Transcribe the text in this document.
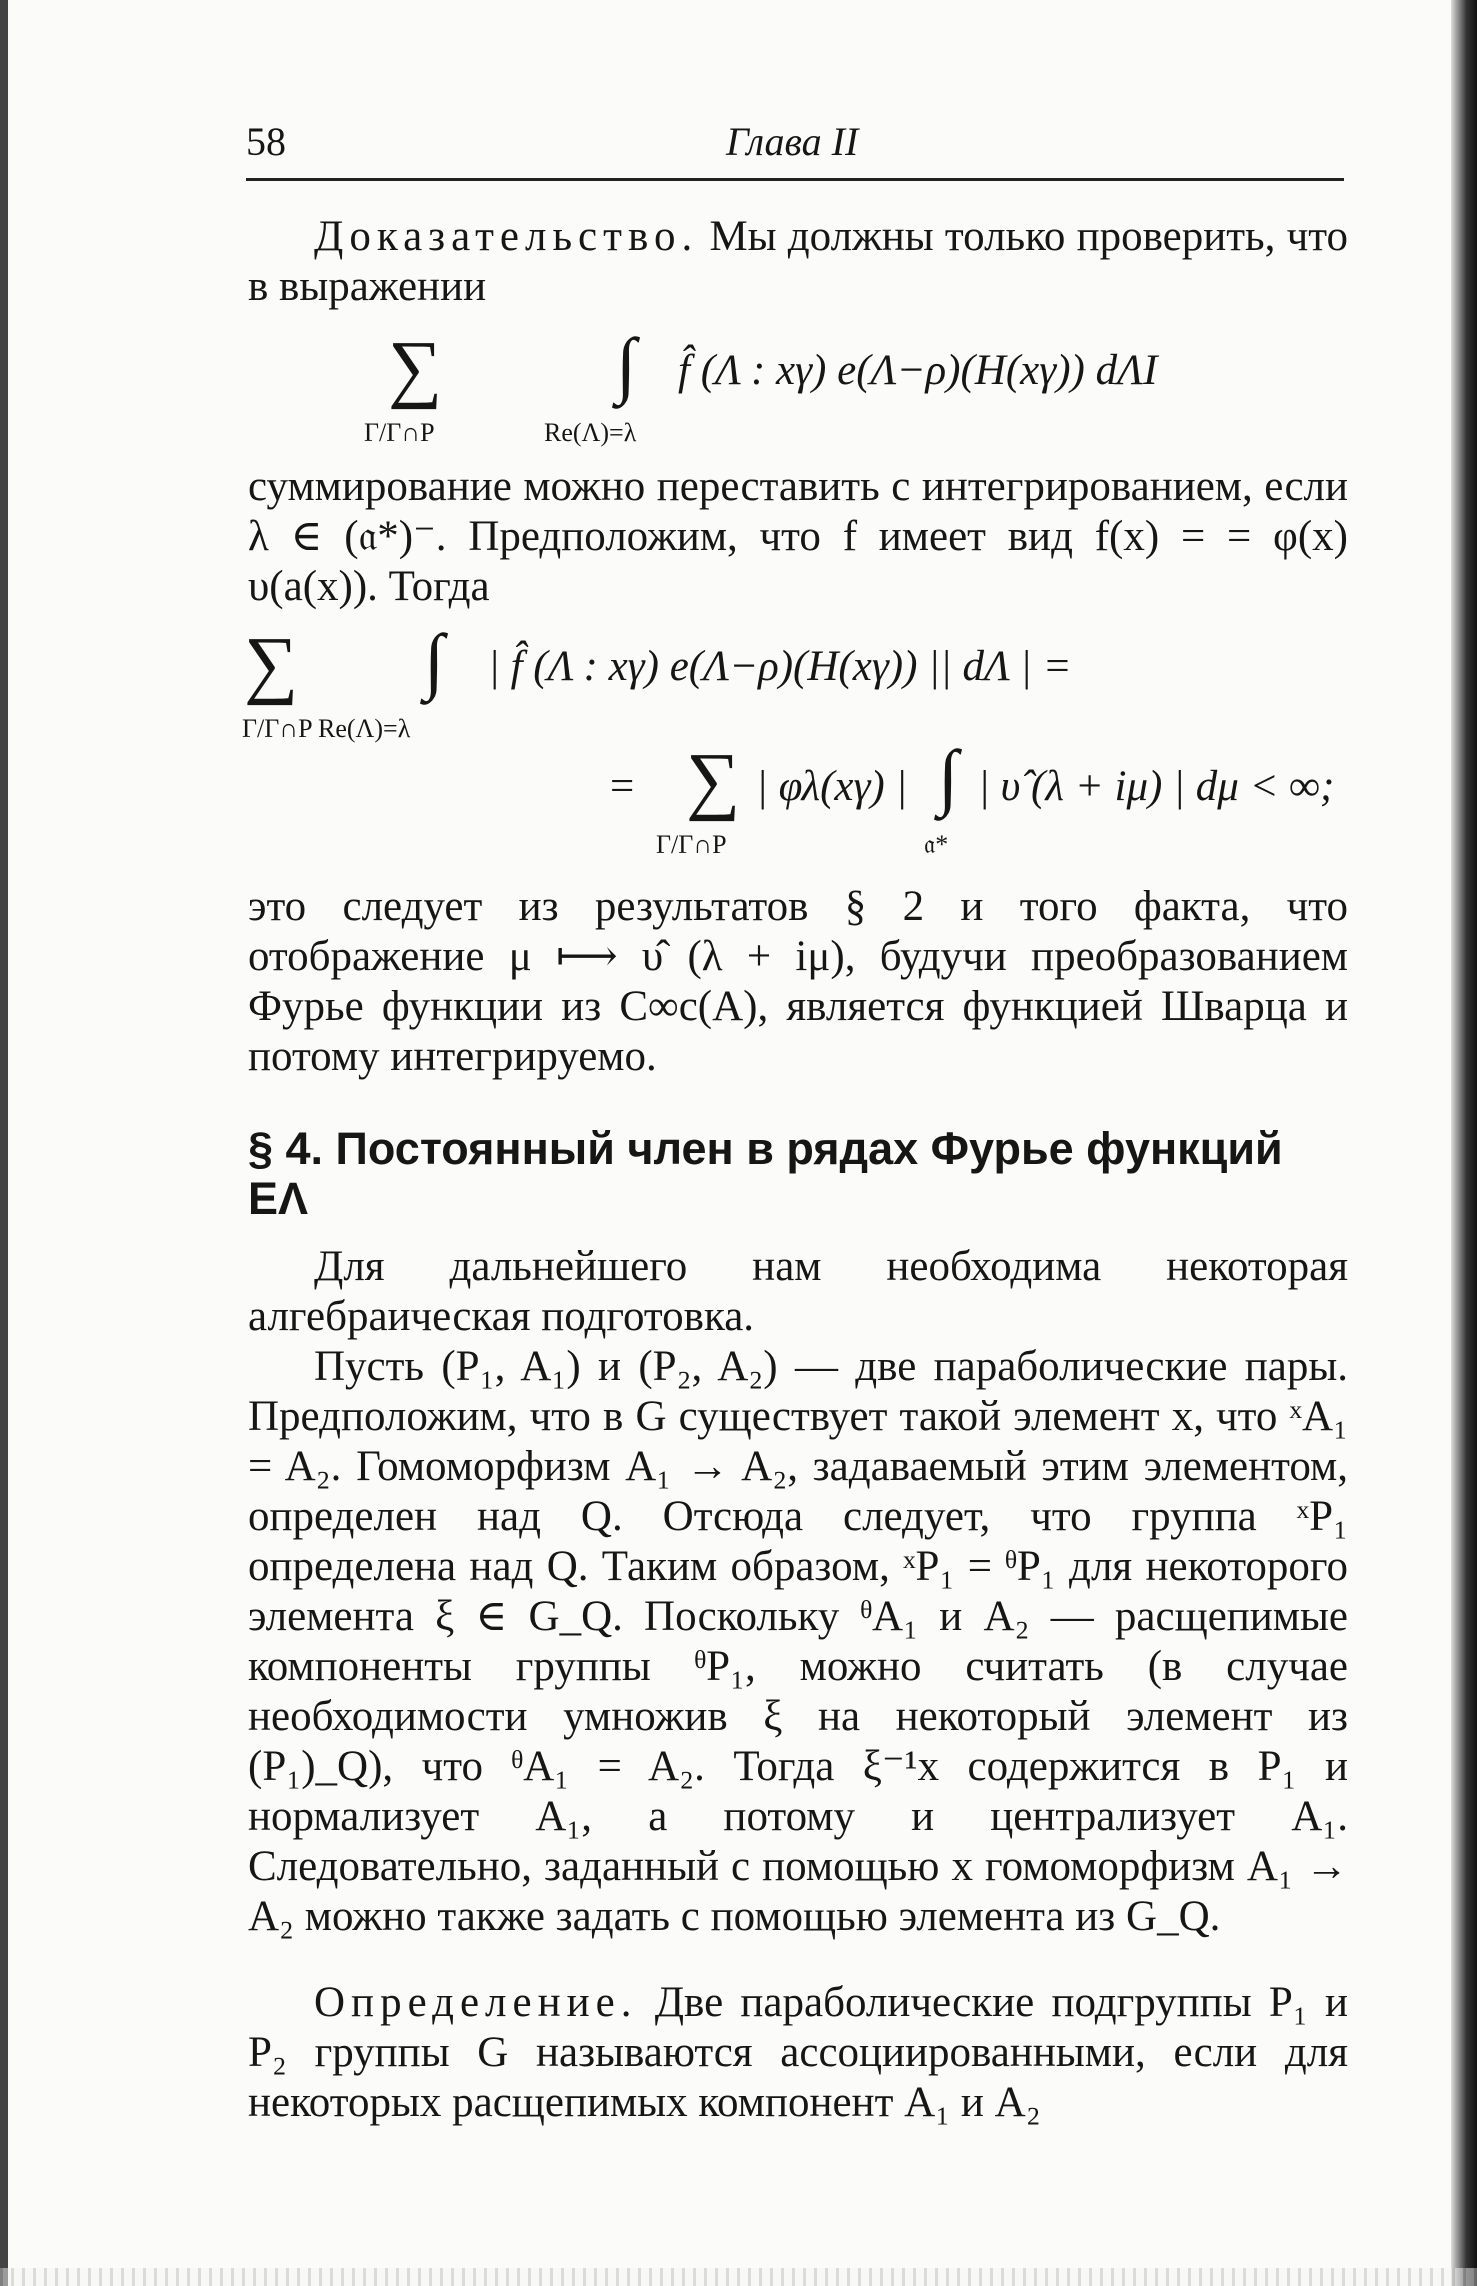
58	Глава II

Доказательство. Мы должны только проверить, что в выражении

∑
Γ/Γ∩P
∫
Re(Λ)=λ
f̂ (Λ : xγ) e(Λ−ρ)(H(xγ)) dΛI

суммирование можно переставить с интегрированием, если λ ∈ (𝔞*)⁻. Предположим, что f имеет вид f(x) = = φ(x) υ(a(x)). Тогда

∑
Γ/Γ∩P
∫
Re(Λ)=λ
| f̂ (Λ : xγ) e(Λ−ρ)(H(xγ)) || dΛ | =
= ∑
Γ/Γ∩P
| φλ(xγ) | ∫
𝔞*
| υ̂ (λ + iμ) | dμ < ∞;

это следует из результатов § 2 и того факта, что отображение μ ⟼ υ̂ (λ + iμ), будучи преобразованием Фурье функции из C∞c(A), является функцией Шварца и потому интегрируемо.

§ 4. Постоянный член в рядах Фурье функций EΛ

Для дальнейшего нам необходима некоторая алгебраическая подготовка.

Пусть (P₁, A₁) и (P₂, A₂) — две параболические пары. Предположим, что в G существует такой элемент x, что ˣA₁ = A₂. Гомоморфизм A₁ → A₂, задаваемый этим элементом, определен над Q. Отсюда следует, что группа ˣP₁ определена над Q. Таким образом, ˣP₁ = ᶿP₁ для некоторого элемента ξ ∈ G_Q. Поскольку ᶿA₁ и A₂ — расщепимые компоненты группы ᶿP₁, можно считать (в случае необходимости умножив ξ на некоторый элемент из (P₁)_Q), что ᶿA₁ = A₂. Тогда ξ⁻¹x содержится в P₁ и нормализует A₁, а потому и централизует A₁. Следовательно, заданный с помощью x гомоморфизм A₁ → A₂ можно также задать с помощью элемента из G_Q.

Определение. Две параболические подгруппы P₁ и P₂ группы G называются ассоциированными, если для некоторых расщепимых компонент A₁ и A₂
